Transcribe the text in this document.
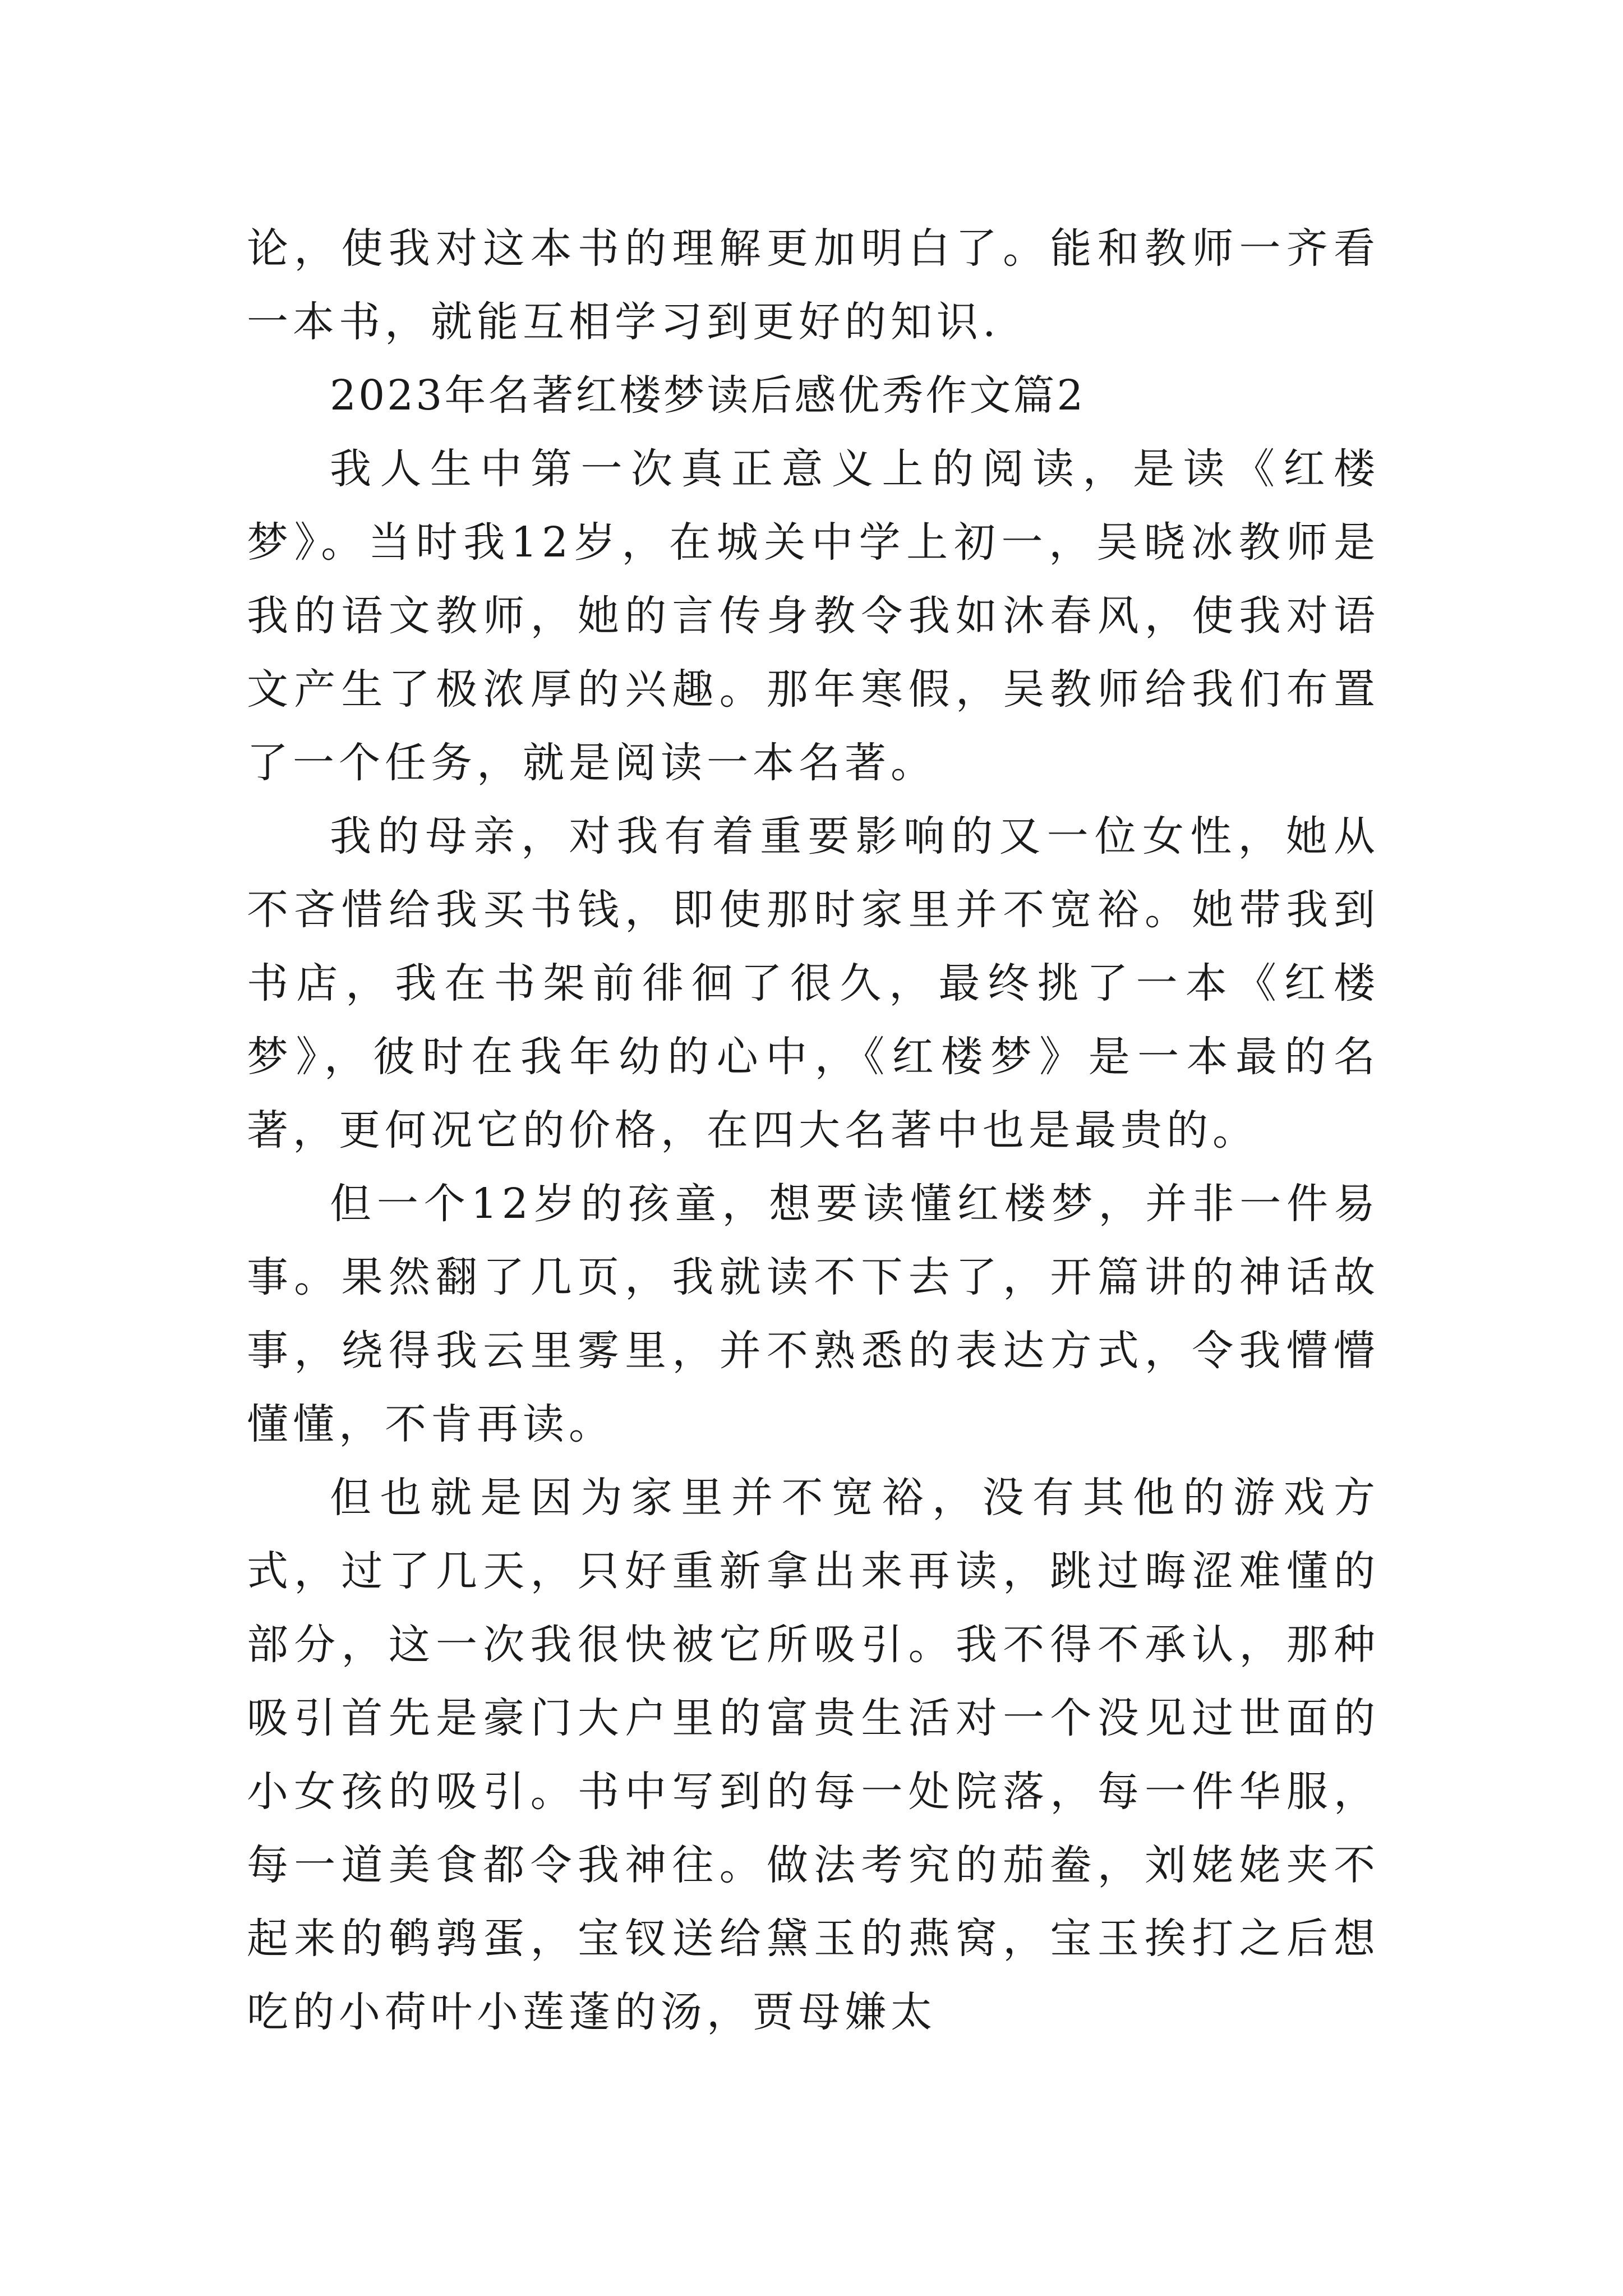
论，使我对这本书的理解更加明白了。能和教师一齐看一本书，就能互相学习到更好的知识.

2023年名著红楼梦读后感优秀作文篇2

我人生中第一次真正意义上的阅读，是读《红楼梦》。当时我12岁，在城关中学上初一，吴晓冰教师是我的语文教师，她的言传身教令我如沐春风，使我对语文产生了极浓厚的兴趣。那年寒假，吴教师给我们布置了一个任务，就是阅读一本名著。

我的母亲，对我有着重要影响的又一位女性，她从不吝惜给我买书钱，即使那时家里并不宽裕。她带我到书店，我在书架前徘徊了很久，最终挑了一本《红楼梦》，彼时在我年幼的心中，《红楼梦》是一本最的名著，更何况它的价格，在四大名著中也是最贵的。

但一个12岁的孩童，想要读懂红楼梦，并非一件易事。果然翻了几页，我就读不下去了，开篇讲的神话故事，绕得我云里雾里，并不熟悉的表达方式，令我懵懵懂懂，不肯再读。

但也就是因为家里并不宽裕，没有其他的游戏方式，过了几天，只好重新拿出来再读，跳过晦涩难懂的部分，这一次我很快被它所吸引。我不得不承认，那种吸引首先是豪门大户里的富贵生活对一个没见过世面的小女孩的吸引。书中写到的每一处院落，每一件华服，每一道美食都令我神往。做法考究的茄鲞，刘姥姥夹不起来的鹌鹑蛋，宝钗送给黛玉的燕窝，宝玉挨打之后想吃的小荷叶小莲蓬的汤，贾母嫌太
